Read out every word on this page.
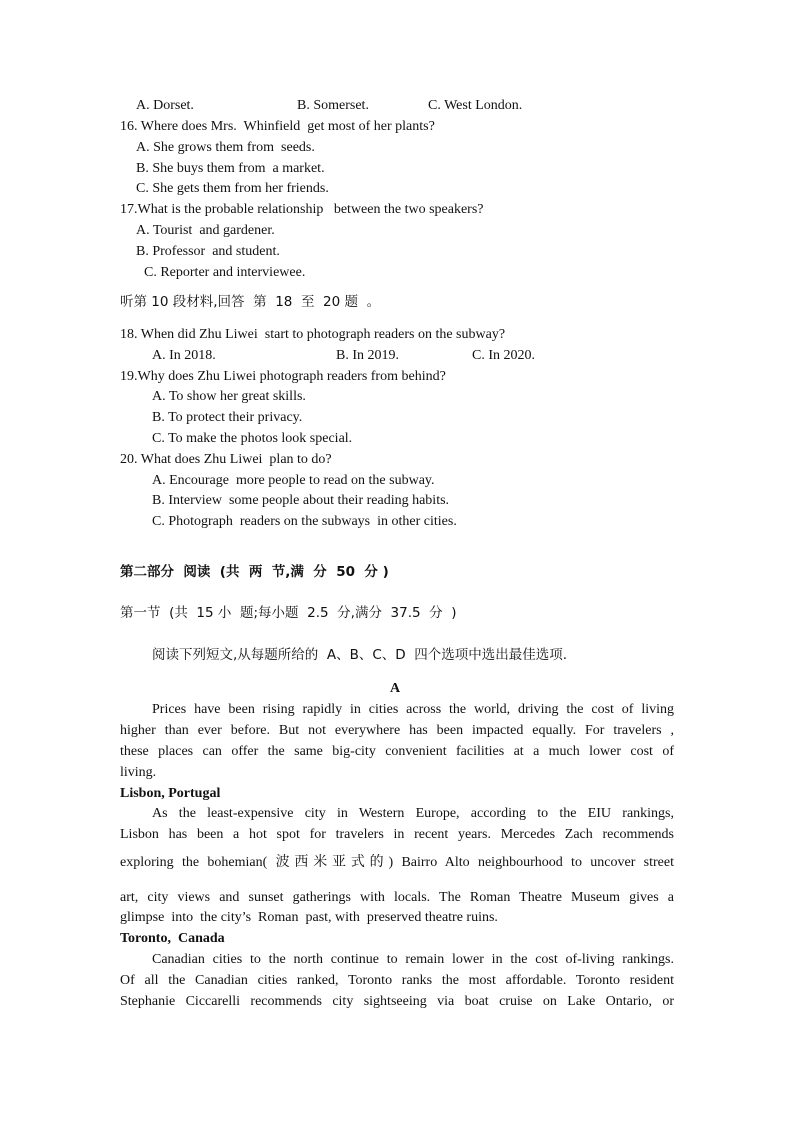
A. Dorset.	B. Somerset.	C. West London.
16. Where does Mrs.  Whinfield  get most of her plants?
A. She grows them from  seeds.
B. She buys them from  a market.
C. She gets them from her friends.
17.What is the probable relationship   between the two speakers?
A. Tourist  and gardener.
B. Professor  and student.
C. Reporter and interviewee.
听第 10 段材料,回答  第  18  至  20 题  。
18. When did Zhu Liwei  start to photograph readers on the subway?
A. In 2018.	B. In 2019.	C. In 2020.
19.Why does Zhu Liwei photograph readers from behind?
A. To show her great skills.
B. To protect their privacy.
C. To make the photos look special.
20. What does Zhu Liwei  plan to do?
A. Encourage  more people to read on the subway.
B. Interview  some people about their reading habits.
C. Photograph  readers on the subways  in other cities.
第二部分  阅读  (共  两  节,满  分  50  分 )
第一节  (共  15 小  题;每小题  2.5  分,满分  37.5  分  )
阅读下列短文,从每题所给的  A、B、C、D  四个选项中选出最佳选项.
A
Prices have been rising rapidly in cities across the world, driving the cost of living
higher than ever before. But not everywhere has been impacted equally. For travelers ,
these places can offer the same big-city convenient facilities at a much lower cost of
living.
Lisbon, Portugal
As the least-expensive city in Western Europe, according to the EIU rankings,
Lisbon has been a hot spot for travelers in recent years. Mercedes Zach recommends
exploring the bohemian( 波西米亚式的) Bairro Alto neighbourhood to uncover street
art, city views and sunset gatherings with locals. The Roman Theatre Museum gives a
glimpse  into  the city’s  Roman  past, with  preserved theatre ruins.
Toronto,  Canada
Canadian cities to the north continue to remain lower in the cost of-living rankings.
Of all the Canadian cities ranked, Toronto ranks the most affordable. Toronto resident
Stephanie Ciccarelli recommends city sightseeing via boat cruise on Lake Ontario, or
